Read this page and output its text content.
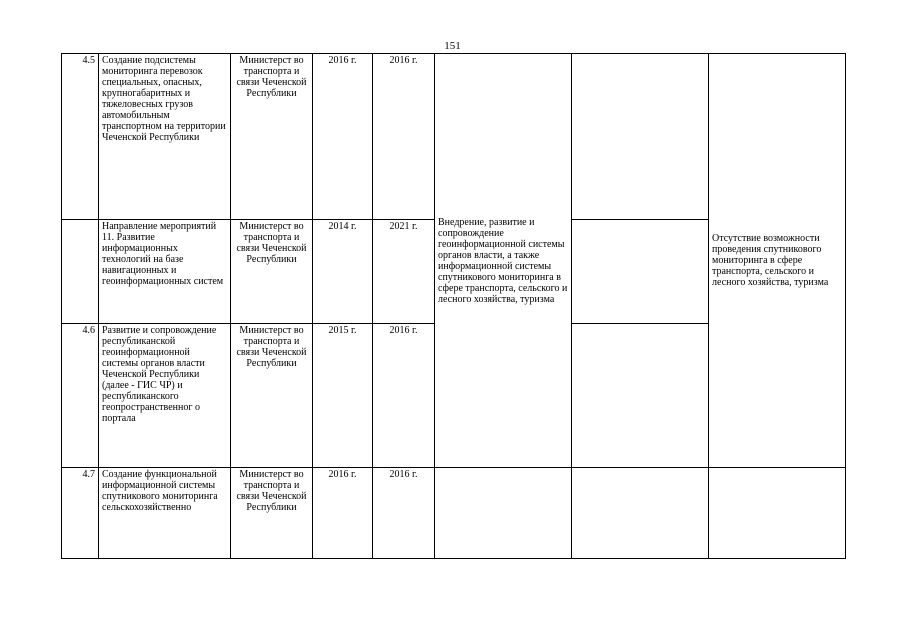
151
4.5	Создание подсистемы мониторинга перевозок специальных, опасных, крупногабаритных и тяжеловесных грузов автомобильным транспортном на территории Чеченской Республики	Министерст во транспорта и связи Чеченской Республики	2016 г.	2016 г.	Внедрение, развитие и сопровождение геоинформационной системы органов власти, а также информационной системы спутникового мониторинга в сфере транспорта, сельского и лесного хозяйства, туризма		Отсутствие возможности проведения спутникового мониторинга в сфере транспорта, сельского и лесного хозяйства, туризма

	Направление мероприятий 11. Развитие информационных технологий на базе навигационных и геоинформационных систем	Министерст во транспорта и связи Чеченской Республики	2014 г.	2021 г.			
4.6	Развитие и сопровождение республиканской геоинформационной системы органов власти Чеченской Республики (далее - ГИС ЧР) и республиканского геопространственног о портала	Министерст во транспорта и связи Чеченской Республики	2015 г.	2016 г.			
4.7	Создание функциональной информационной системы спутникового мониторинга сельскохозяйственно	Министерст во транспорта и связи Чеченской Республики	2016 г.	2016 г.			
